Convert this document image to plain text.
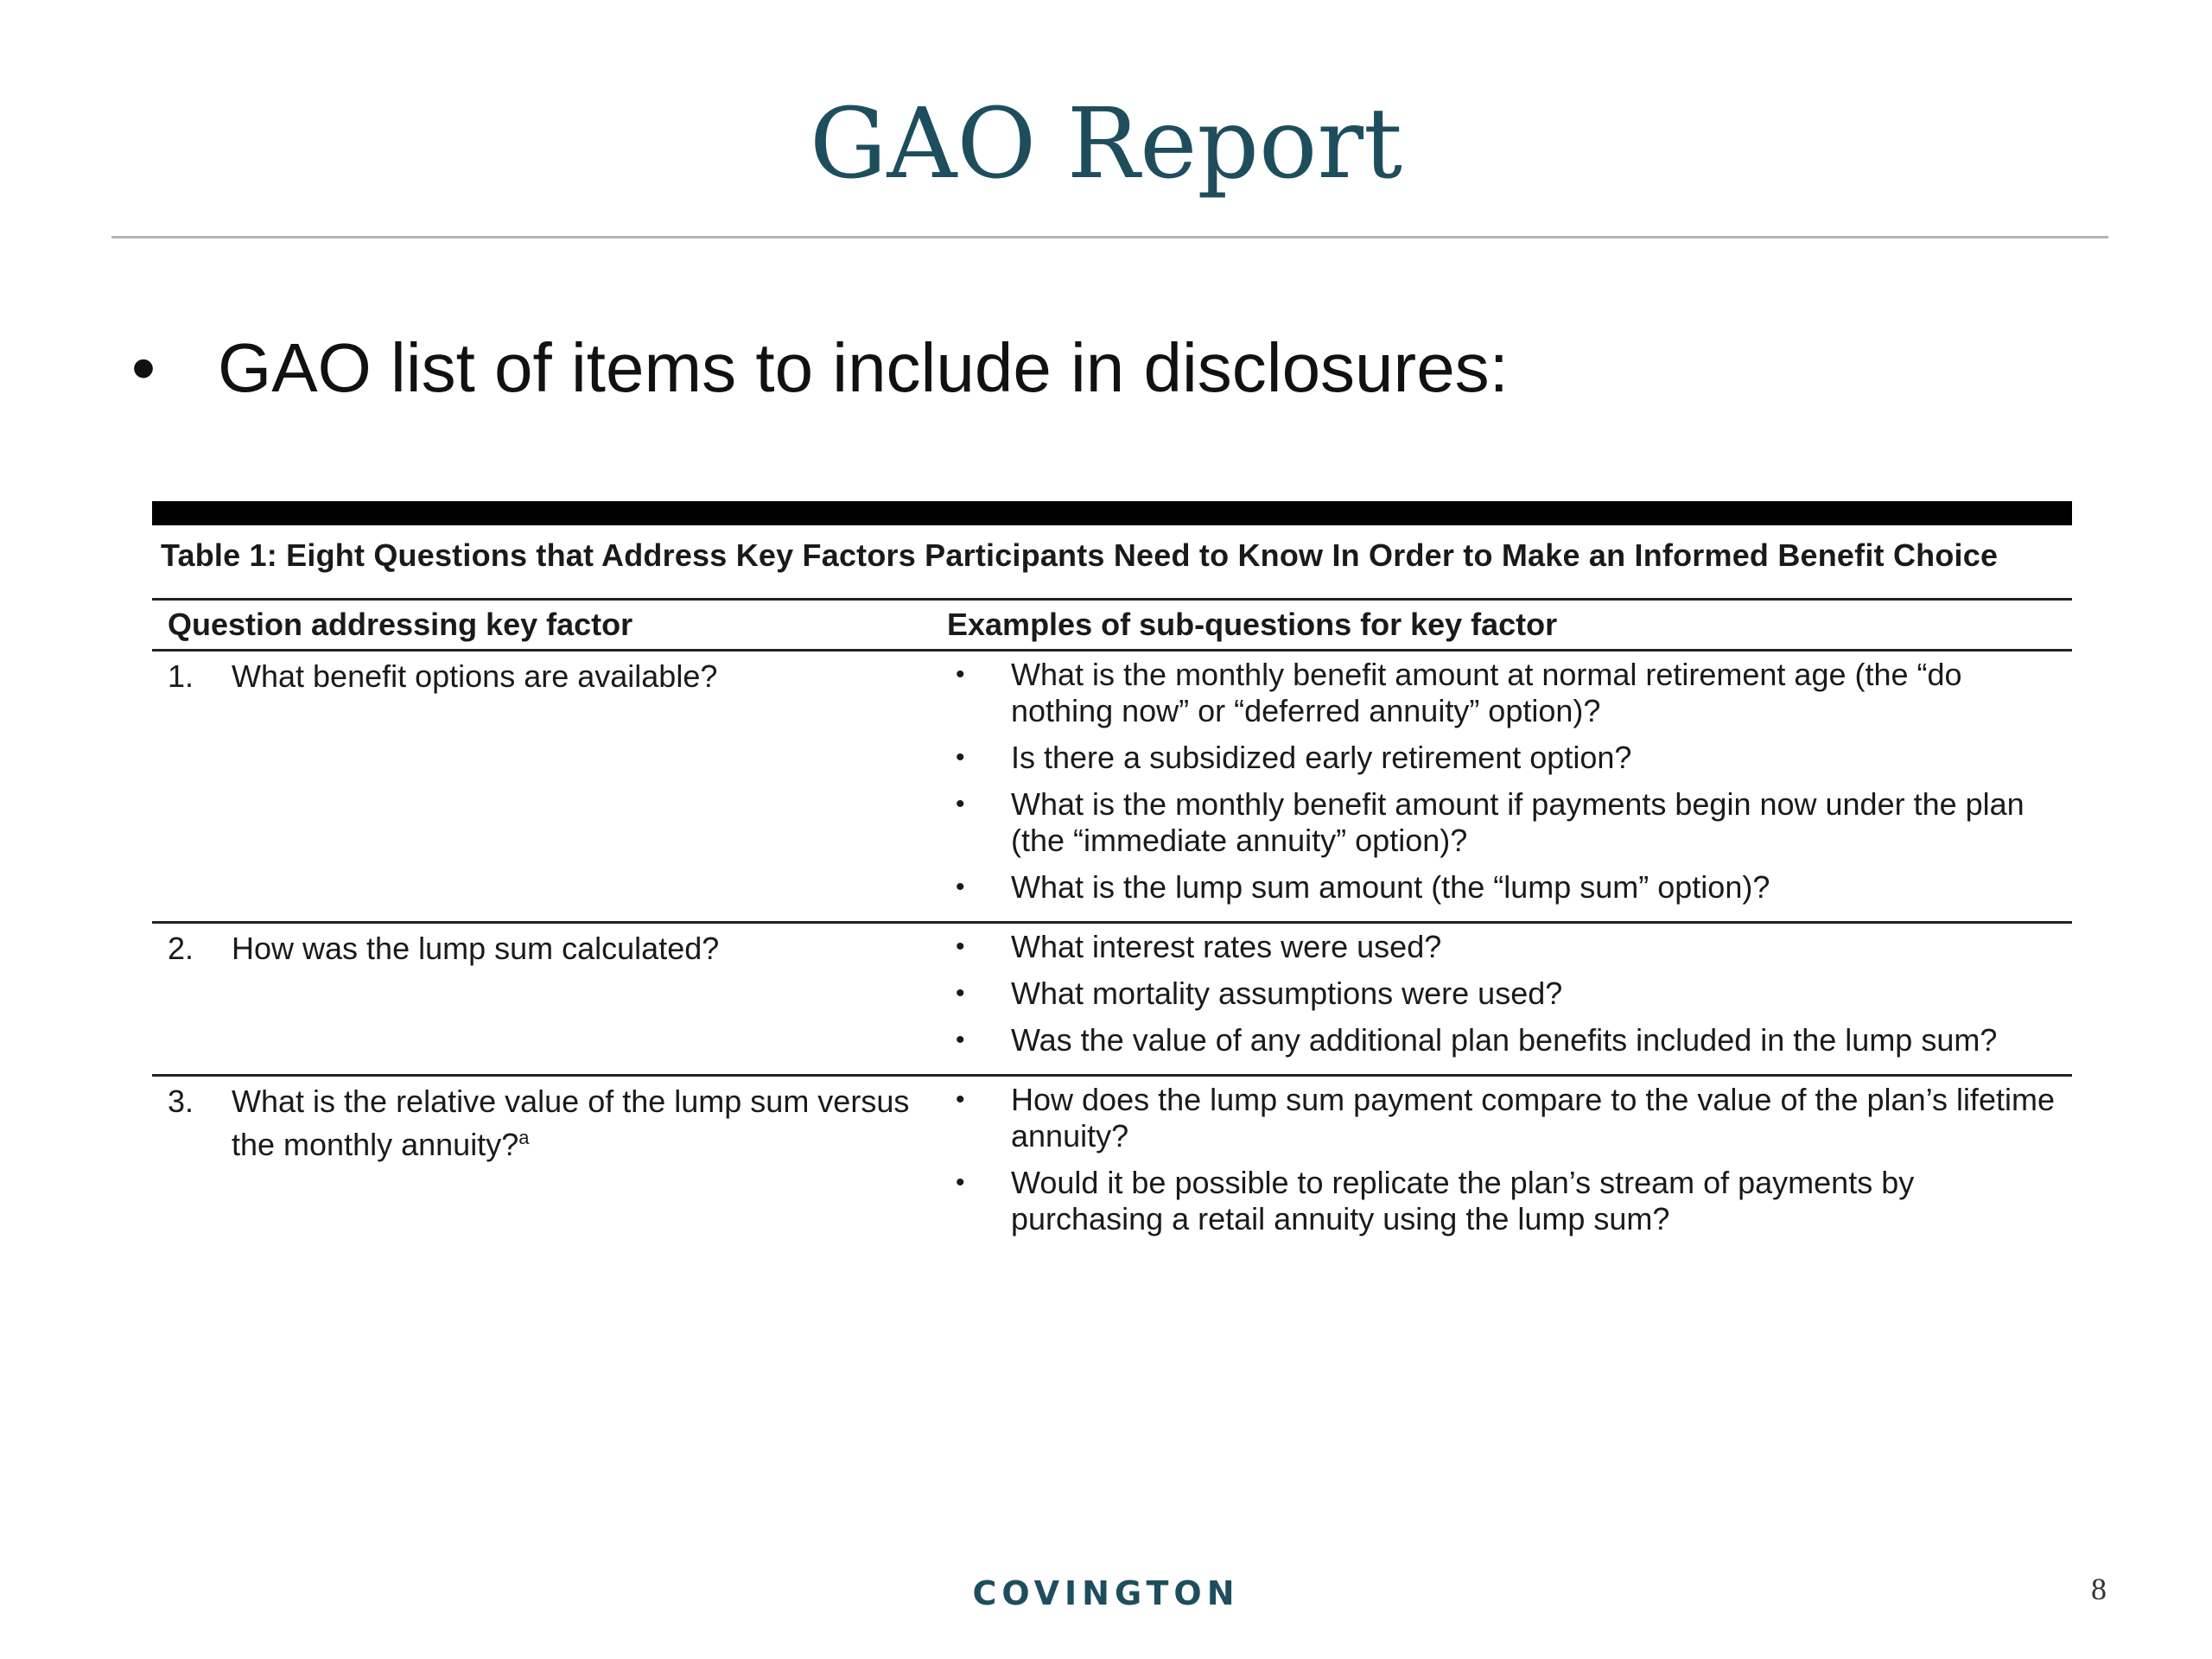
GAO Report
• GAO list of items to include in disclosures:
Table 1: Eight Questions that Address Key Factors Participants Need to Know In Order to Make an Informed Benefit Choice
Question addressing key factor	Examples of sub-questions for key factor
1.	What benefit options are available?	•	What is the monthly benefit amount at normal retirement age (the “do nothing now” or “deferred annuity” option)?
•	Is there a subsidized early retirement option?
•	What is the monthly benefit amount if payments begin now under the plan (the “immediate annuity” option)?
•	What is the lump sum amount (the “lump sum” option)?
2.	How was the lump sum calculated?	•	What interest rates were used?
•	What mortality assumptions were used?
•	Was the value of any additional plan benefits included in the lump sum?
3.	What is the relative value of the lump sum versus the monthly annuity?$^a$
•	How does the lump sum payment compare to the value of the plan’s lifetime annuity?
•	Would it be possible to replicate the plan’s stream of payments by purchasing a retail annuity using the lump sum?
COVINGTON	8
